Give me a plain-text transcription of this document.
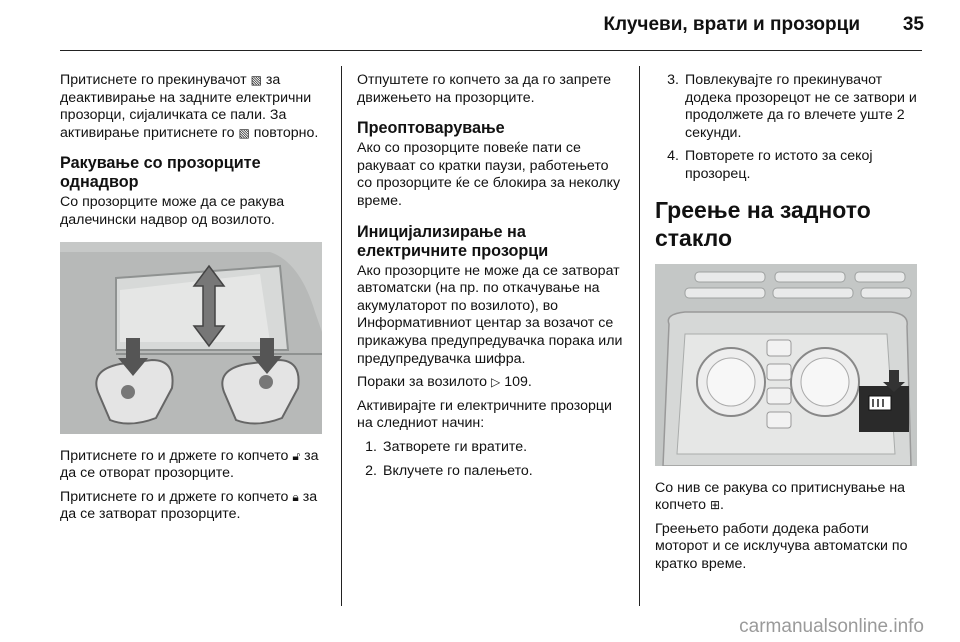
Клучеви, врати и прозорци 35

Притиснете го прекинувачот ▧ за деактивирање на задните електрични прозорци, сијаличката се пали. За активирање притиснете го ▧ повторно.

Ракување со прозорците однадвор

Со прозорците може да се ракува далечински надвор од возилото.

Притиснете го и држете го копчето 🔓︎ за да се отворат прозорците.

Притиснете го и држете го копчето 🔒︎ за да се затворат прозорците.

Отпуштете го копчето за да го запрете движењето на прозорците.

Преоптоварување

Ако со прозорците повеќе пати се ракуваат со кратки паузи, работењето со прозорците ќе се блокира за неколку време.

Иницијализирање на електричните прозорци

Ако прозорците не може да се затворат автоматски (на пр. по откачување на акумулаторот по возилото), во Информативниот центар за возачот се прикажува предупредувачка порака или предупредувачка шифра.

Пораки за возилото ▷ 109.

Активирајте ги електричните прозорци на следниот начин:

1. Затворете ги вратите.
2. Вклучете го палењето.
3. Повлекувајте го прекинувачот додека прозорецот не се затвори и продолжете да го влечете уште 2 секунди.
4. Повторете го истото за секој прозорец.
Греење на задното стакло

Со нив се ракува со притиснување на копчето ⊞.

Греењето работи додека работи моторот и се исклучува автоматски по кратко време.

carmanualsonline.info
